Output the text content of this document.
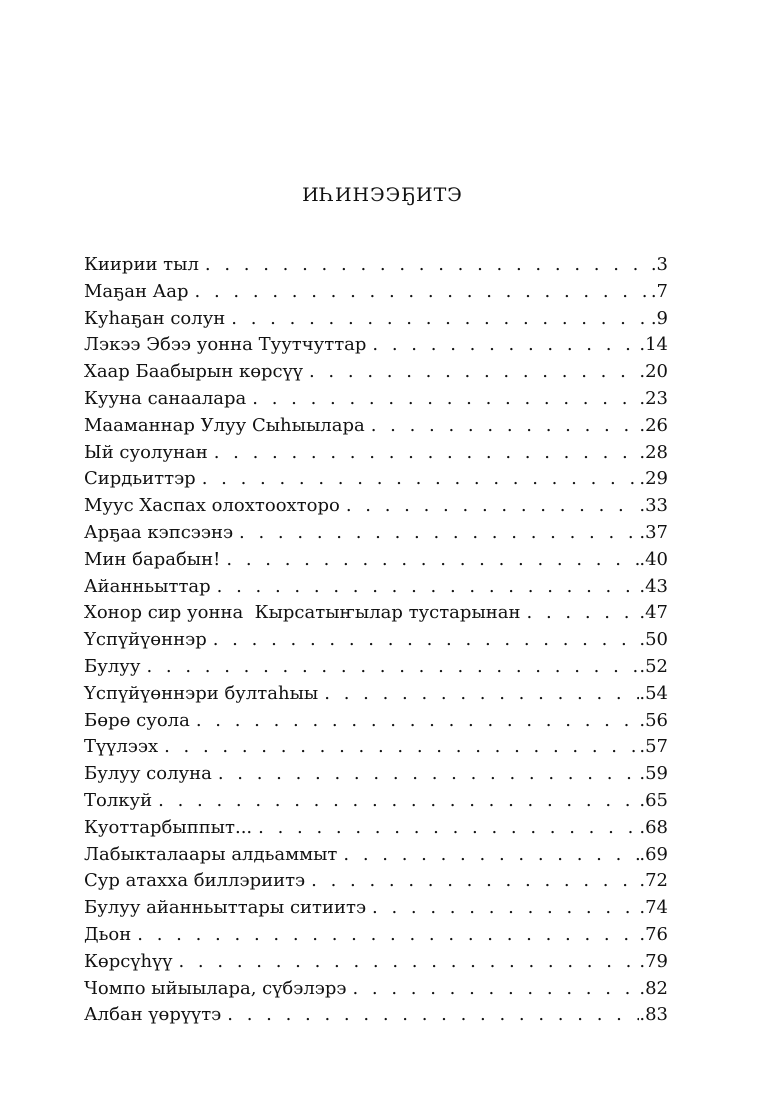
ИҺИНЭЭҔИТЭ
Киирии тыл . . .	.3
Маҕан Аар . . .	.7
Куһаҕан солун . . .	.9
Лэкээ Эбээ уонна Туутчуттар . . .	.14
Хаар Баабырын көрсүү . . .	.20
Кууна санаалара . . .	.23
Мааманнар Улуу Сыһыылара . . .	.26
Ый суолунан . . .	.28
Сирдьиттэр . . .	.29
Муус Хаспах олохтоохторо . . .	.33
Арҕаа кэпсээнэ . . .	.37
Мин барабын! . . .	.40
Айанньыттар . . .	.43
Хонор сир уонна  Кырсатыҥылар тустарынан . . .	.47
Үспүйүөннэр . . .	.50
Булуу . . .	.52
Үспүйүөннэри бултаһыы . . .	.54
Бөрө суола . . .	.56
Түүлээх . . .	.57
Булуу солуна . . .	.59
Толкуй . . .	.65
Куоттарбыппыт... . . .	.68
Лабыкталаары алдьаммыт . . .	.69
Сур атахха биллэриитэ . . .	.72
Булуу айанньыттары ситиитэ . . .	.74
Дьон . . .	.76
Көрсүһүү . . .	.79
Чомпо ыйыылара, сүбэлэрэ . . .	.82
Албан үөрүүтэ . . .	.83
